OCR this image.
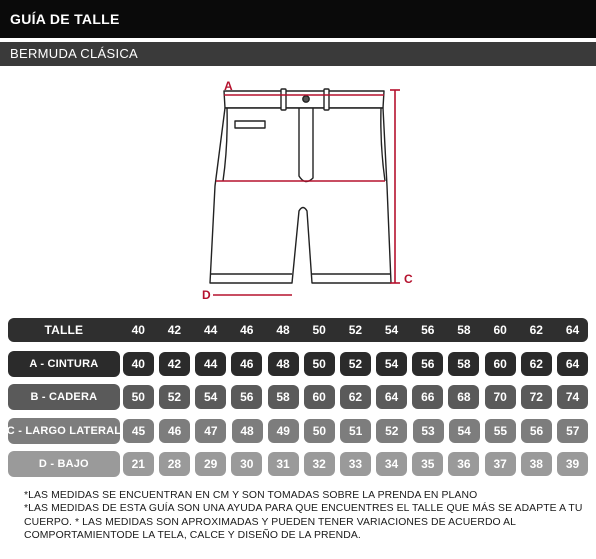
GUÍA DE TALLE
BERMUDA CLÁSICA
A
C
D
TALLE	40	42	44	46	48	50	52	54	56	58	60	62	64
A - CINTURA	40	42	44	46	48	50	52	54	56	58	60	62	64
B - CADERA	50	52	54	56	58	60	62	64	66	68	70	72	74
C - LARGO LATERAL 45	46	47	48	49	50	51	52	53	54	55	56	57
D - BAJO	21	28	29	30	31	32	33	34	35	36	37	38	39

*LAS MEDIDAS SE ENCUENTRAN EN CM Y SON TOMADAS SOBRE LA PRENDA EN PLANO

*LAS MEDIDAS DE ESTA GUÍA SON UNA AYUDA PARA QUE ENCUENTRES EL TALLE QUE MÁS SE ADAPTE A TU CUERPO. * LAS MEDIDAS SON APROXIMADAS Y PUEDEN TENER VARIACIONES DE ACUERDO AL COMPORTAMIENTODE LA TELA, CALCE Y DISEÑO DE LA PRENDA.
